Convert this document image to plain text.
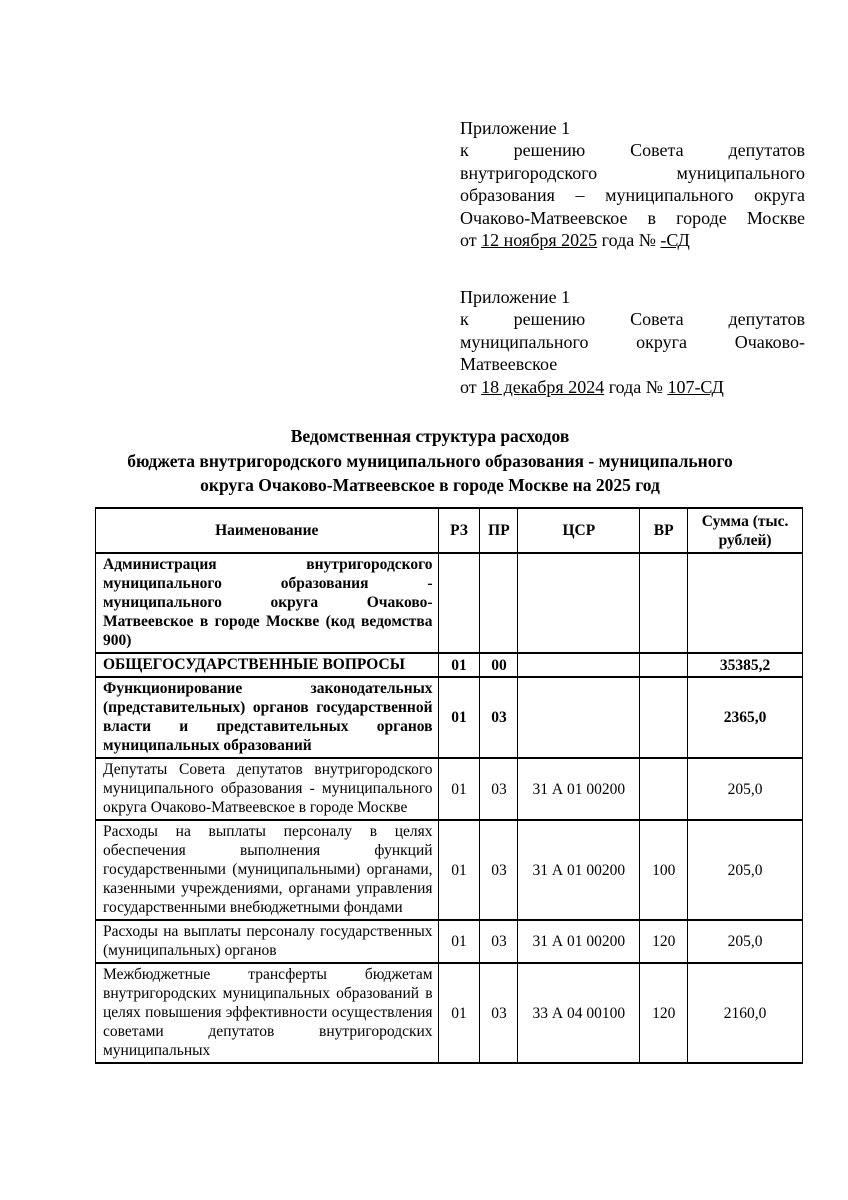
Приложение 1
к решению Совета депутатов
внутригородского муниципального
образования – муниципального округа
Очаково-Матвеевское в городе Москве
от 12 ноября 2025 года № -СД
Приложение 1
к решению Совета депутатов
муниципального округа Очаково-
Матвеевское
от 18 декабря 2024 года № 107-СД
Ведомственная структура расходов
бюджета внутригородского муниципального образования - муниципального
округа Очаково-Матвеевское в городе Москве на 2025 год
Наименование	РЗ	ПР	ЦСР	ВР	Сумма (тыс. рублей)
Администрация внутригородского муниципального образования - муниципального округа Очаково-Матвеевское в городе Москве (код ведомства 900)					
ОБЩЕГОСУДАРСТВЕННЫЕ ВОПРОСЫ	01	00			35385,2
Функционирование законодательных (представительных) органов государственной власти и представительных органов муниципальных образований	01	03			2365,0
Депутаты Совета депутатов внутригородского муниципального образования - муниципального округа Очаково-Матвеевское в городе Москве	01	03	31 А 01 00200		205,0
Расходы на выплаты персоналу в целях обеспечения выполнения функций государственными (муниципальными) органами, казенными учреждениями, органами управления государственными внебюджетными фондами	01	03	31 А 01 00200	100	205,0
Расходы на выплаты персоналу государственных (муниципальных) органов	01	03	31 А 01 00200	120	205,0
Межбюджетные трансферты бюджетам внутригородских муниципальных образований в целях повышения эффективности осуществления советами депутатов внутригородских муниципальных	01	03	33 А 04 00100	120	2160,0
